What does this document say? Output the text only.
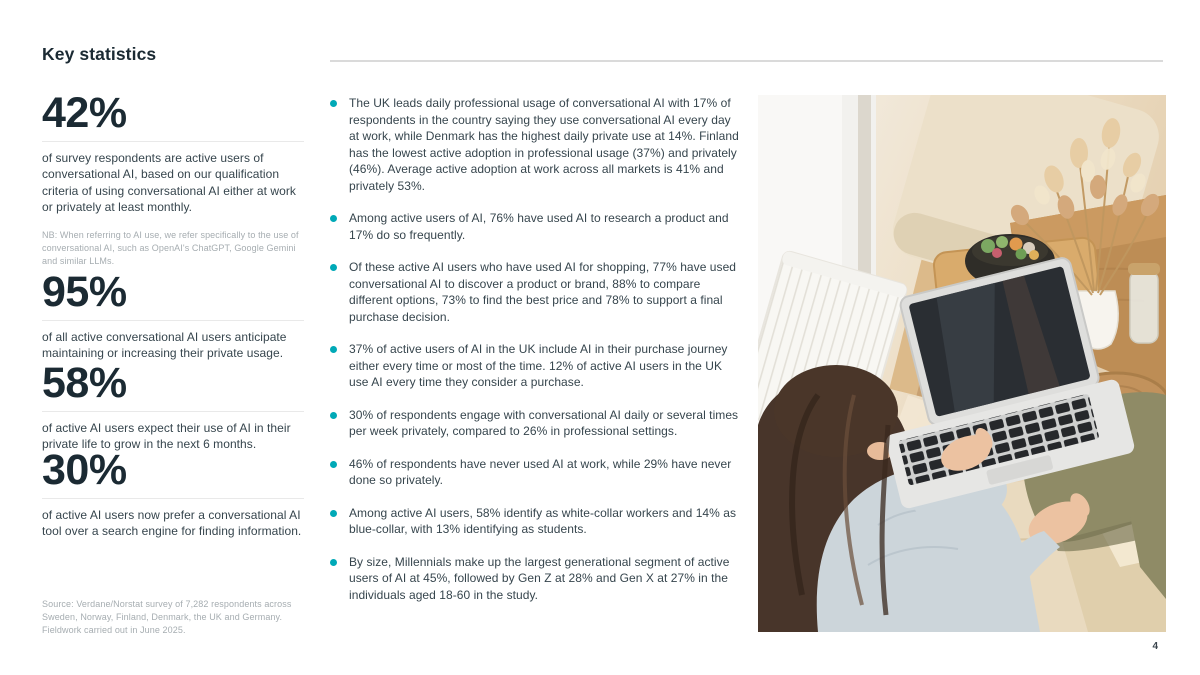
Key statistics
42%
of survey respondents are active users of conversational AI, based on our qualification criteria of using conversational AI either at work or privately at least monthly.
NB: When referring to AI use, we refer specifically to the use of conversational AI, such as OpenAI's ChatGPT, Google Gemini and similar LLMs.
95%
of all active conversational AI users anticipate maintaining or increasing their private usage.
58%
of active AI users expect their use of AI in their private life to grow in the next 6 months.
30%
of active AI users now prefer a conversational AI tool over a search engine for finding information.
Source: Verdane/Norstat survey of 7,282 respondents across Sweden, Norway, Finland, Denmark, the UK and Germany. Fieldwork carried out in June 2025.
The UK leads daily professional usage of conversational AI with 17% of respondents in the country saying they use conversational AI every day at work, while Denmark has the highest daily private use at 14%. Finland has the lowest active adoption in professional usage (37%) and privately (46%). Average active adoption at work across all markets is 41% and privately 53%.
Among active users of AI, 76% have used AI to research a product and 17% do so frequently.
Of these active AI users who have used AI for shopping, 77% have used conversational AI to discover a product or brand, 88% to compare different options, 73% to find the best price and 78% to support a final purchase decision.
37% of active users of AI in the UK include AI in their purchase journey either every time or most of the time. 12% of active AI users in the UK use AI every time they consider a purchase.
30% of respondents engage with conversational AI daily or several times per week privately, compared to 26% in professional settings.
46% of respondents have never used AI at work, while 29% have never done so privately.
Among active AI users, 58% identify as white-collar workers and 14% as blue-collar, with 13% identifying as students.
By size, Millennials make up the largest generational segment of active users of AI at 45%, followed by Gen Z at 28% and Gen X at 27% in the individuals aged 18-60 in the study.
4
